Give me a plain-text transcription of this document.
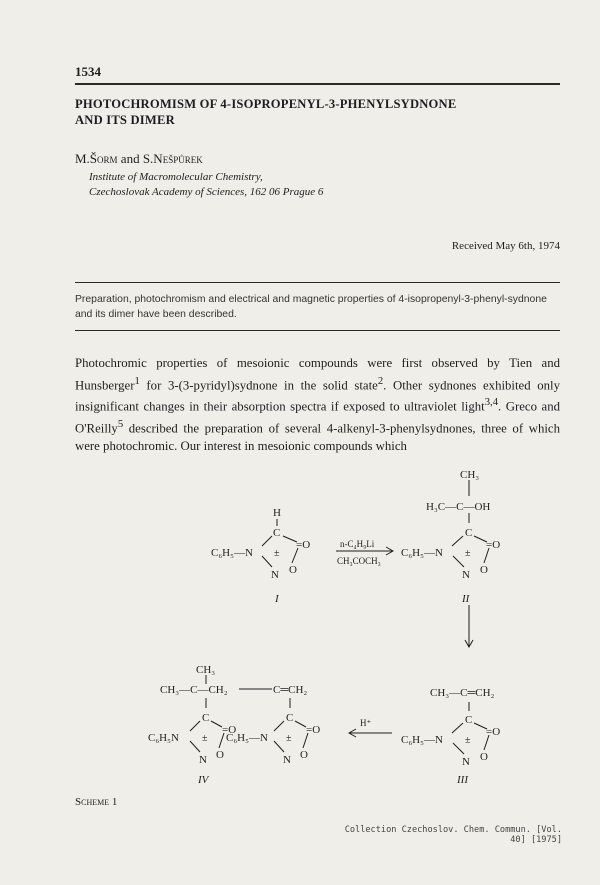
1534
PHOTOCHROMISM OF 4-ISOPROPENYL-3-PHENYLSYDNONE
AND ITS DIMER
M.Šorm and S.Nešpůrek
Institute of Macromolecular Chemistry,
Czechoslovak Academy of Sciences, 162 06 Prague 6
Received May 6th, 1974
Preparation, photochromism and electrical and magnetic properties of 4-isopropenyl-3-phenyl-sydnone and its dimer have been described.

Photochromic properties of mesoionic compounds were first observed by Tien and Hunsberger$^1$ for 3-(3-pyridyl)sydnone in the solid state$^2$. Other sydnones exhibited only insignificant changes in their absorption spectra if exposed to ultraviolet light$^{3,4}$. Greco and O'Reilly$^5$ described the preparation of several 4-alkenyl-3-phenylsydnones, three of which were photochromic. Our interest in mesoionic compounds which

H
C
=O
C₆H₅—N ±
O
N
I
n-C₄H₉Li
CH₃COCH₃
CH₃
H₃C—C—OH
C
=O
C₆H₅—N ±
O
N
II
CH₃—C═CH₂
C
=O
C₆H₅—N ±
O
N
III
H⁺
CH₃
CH₃—C—CH₂	C═CH₂
C
=O
C₆H₅N ±
O
N
C
=O
C₆H₅—N ±
O
N
IV
Scheme 1
Collection Czechoslov. Chem. Commun. [Vol. 40] [1975]
